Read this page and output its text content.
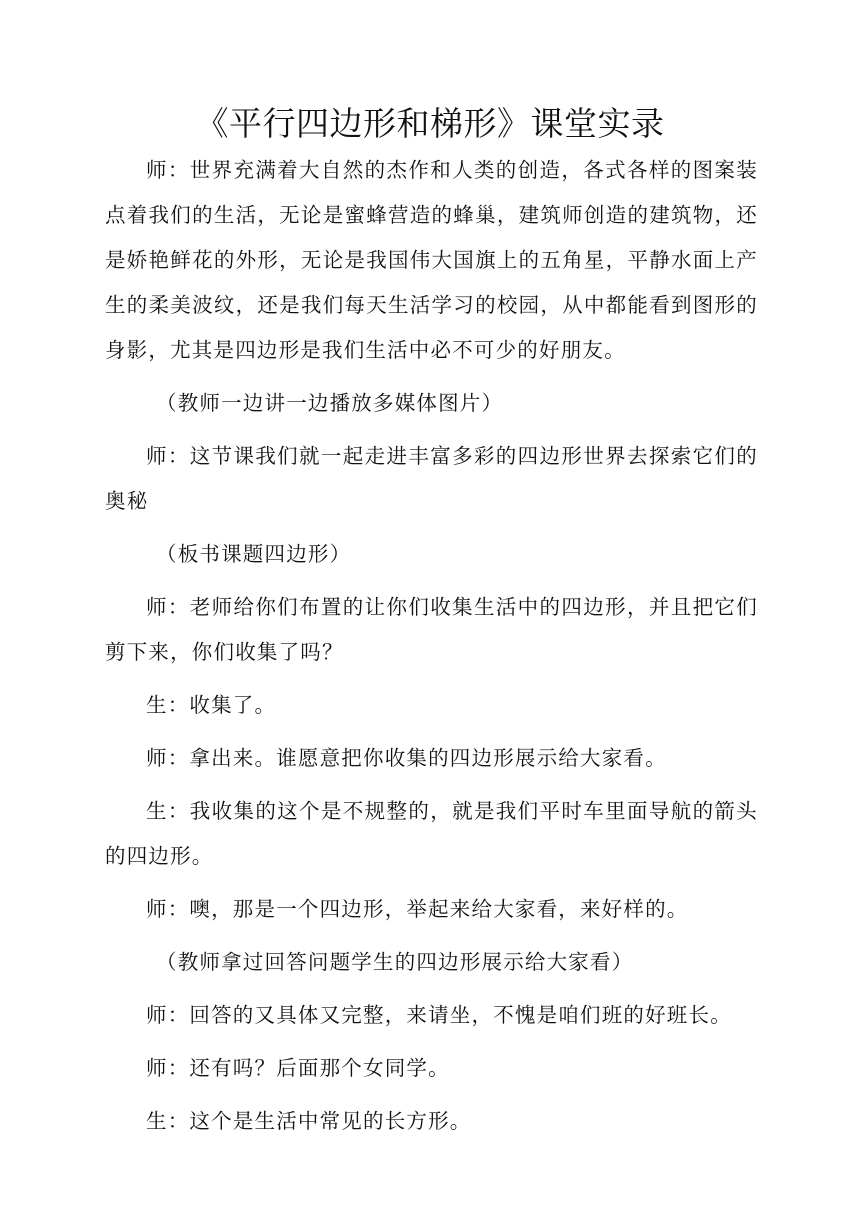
《平行四边形和梯形》课堂实录

师：世界充满着大自然的杰作和人类的创造，各式各样的图案装点着我们的生活，无论是蜜蜂营造的蜂巢，建筑师创造的建筑物，还是娇艳鲜花的外形，无论是我国伟大国旗上的五角星，平静水面上产生的柔美波纹，还是我们每天生活学习的校园，从中都能看到图形的身影，尤其是四边形是我们生活中必不可少的好朋友。

（教师一边讲一边播放多媒体图片）

师：这节课我们就一起走进丰富多彩的四边形世界去探索它们的奥秘

（板书课题四边形）

师：老师给你们布置的让你们收集生活中的四边形，并且把它们剪下来，你们收集了吗？

生：收集了。

师：拿出来。谁愿意把你收集的四边形展示给大家看。

生：我收集的这个是不规整的，就是我们平时车里面导航的箭头的四边形。

师：噢，那是一个四边形，举起来给大家看，来好样的。

（教师拿过回答问题学生的四边形展示给大家看）

师：回答的又具体又完整，来请坐，不愧是咱们班的好班长。

师：还有吗？后面那个女同学。

生：这个是生活中常见的长方形。
